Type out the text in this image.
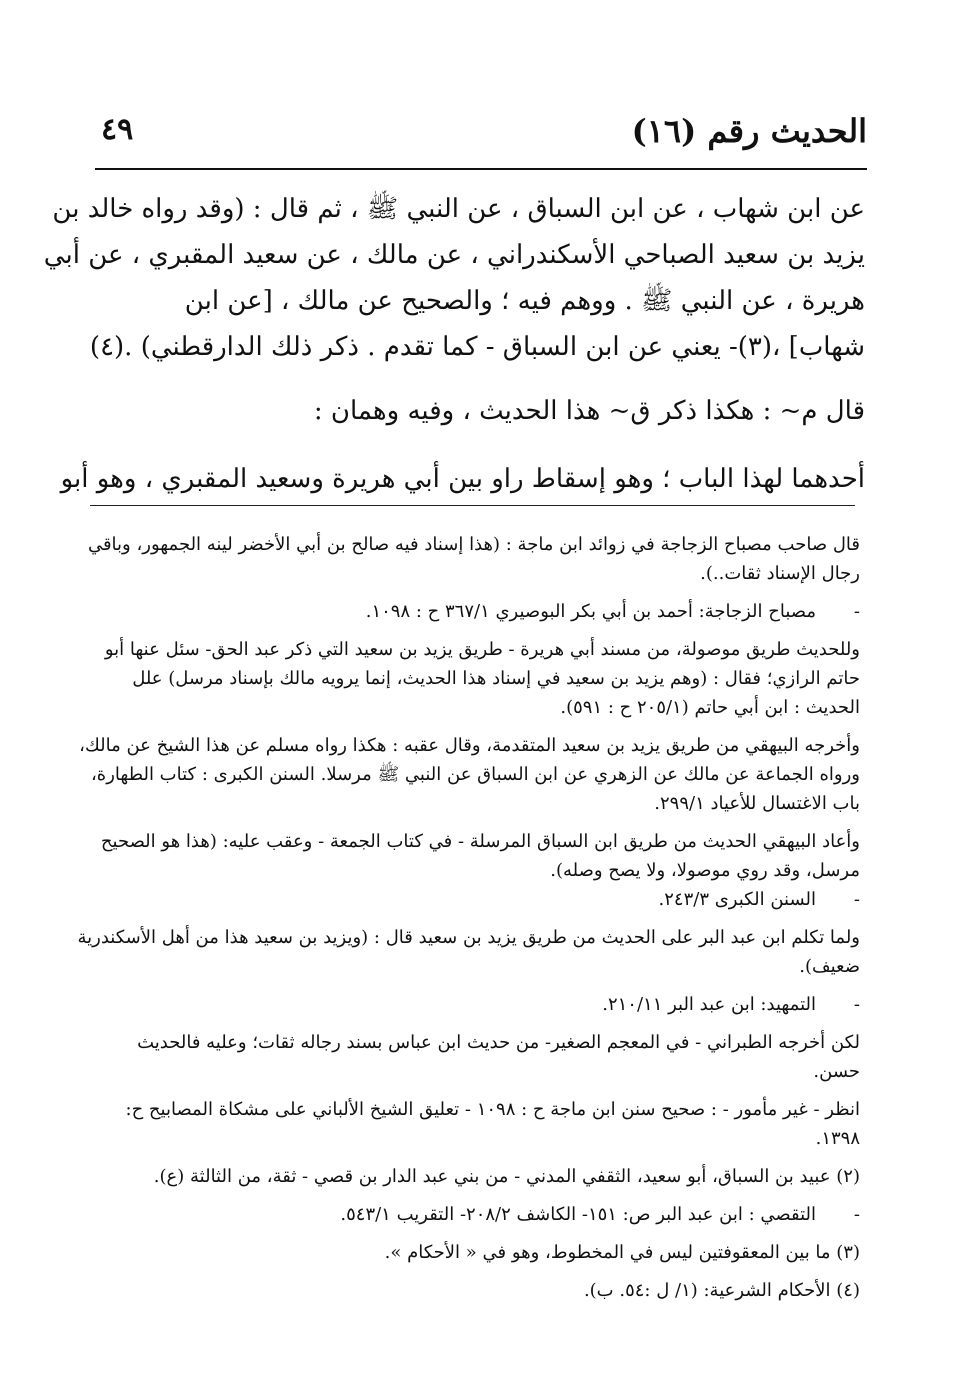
الحديث رقم (١٦)
٤٩
عن ابن شهاب ، عن ابن السباق ، عن النبي ﷺ ، ثم قال : (وقد رواه خالد بن
يزيد بن سعيد الصباحي الأسكندراني ، عن مالك ، عن سعيد المقبري ، عن أبي
هريرة ، عن النبي ﷺ . ووهم فيه ؛ والصحيح عن مالك ، [عن ابن
شهاب] ،(٣)- يعني عن ابن السباق - كما تقدم . ذكر ذلك الدارقطني) .(٤)
قال م~ : هكذا ذكر ق~ هذا الحديث ، وفيه وهمان :
أحدهما لهذا الباب ؛ وهو إسقاط راو بين أبي هريرة وسعيد المقبري ، وهو أبو
قال صاحب مصباح الزجاجة في زوائد ابن ماجة : (هذا إسناد فيه صالح بن أبي الأخضر لينه الجمهور، وباقي
رجال الإسناد ثقات..).
-مصباح الزجاجة: أحمد بن أبي بكر البوصيري ٣٦٧/١ ح : ١٠٩٨.
وللحديث طريق موصولة، من مسند أبي هريرة - طريق يزيد بن سعيد التي ذكر عبد الحق- سئل عنها أبو
حاتم الرازي؛ فقال : (وهم يزيد بن سعيد في إسناد هذا الحديث، إنما يرويه مالك بإسناد مرسل) علل
الحديث : ابن أبي حاتم (٢٠٥/١ ح : ٥٩١).
وأخرجه البيهقي من طريق يزيد بن سعيد المتقدمة، وقال عقبه : هكذا رواه مسلم عن هذا الشيخ عن مالك،
ورواه الجماعة عن مالك عن الزهري عن ابن السباق عن النبي ﷺ مرسلا. السنن الكبرى : كتاب الطهارة،
باب الاغتسال للأعياد ٢٩٩/١.
وأعاد البيهقي الحديث من طريق ابن السباق المرسلة - في كتاب الجمعة - وعقب عليه: (هذا هو الصحيح
مرسل، وقد روي موصولا، ولا يصح وصله).
-السنن الكبرى ٢٤٣/٣.
ولما تكلم ابن عبد البر على الحديث من طريق يزيد بن سعيد قال : (ويزيد بن سعيد هذا من أهل الأسكندرية
ضعيف).
-التمهيد: ابن عبد البر ٢١٠/١١.
لكن أخرجه الطبراني - في المعجم الصغير- من حديث ابن عباس بسند رجاله ثقات؛ وعليه فالحديث
حسن.
انظر - غير مأمور - : صحيح سنن ابن ماجة ح : ١٠٩٨ - تعليق الشيخ الألباني على مشكاة المصابيح ح:
١٣٩٨.
(٢) عبيد بن السباق، أبو سعيد، الثقفي المدني - من بني عبد الدار بن قصي - ثقة، من الثالثة (ع).
-التقصي : ابن عبد البر ص: ١٥١- الكاشف ٢٠٨/٢- التقريب ٥٤٣/١.
(٣) ما بين المعقوفتين ليس في المخطوط، وهو في « الأحكام ».
(٤) الأحكام الشرعية: (١/ ل :٥٤. ب).
